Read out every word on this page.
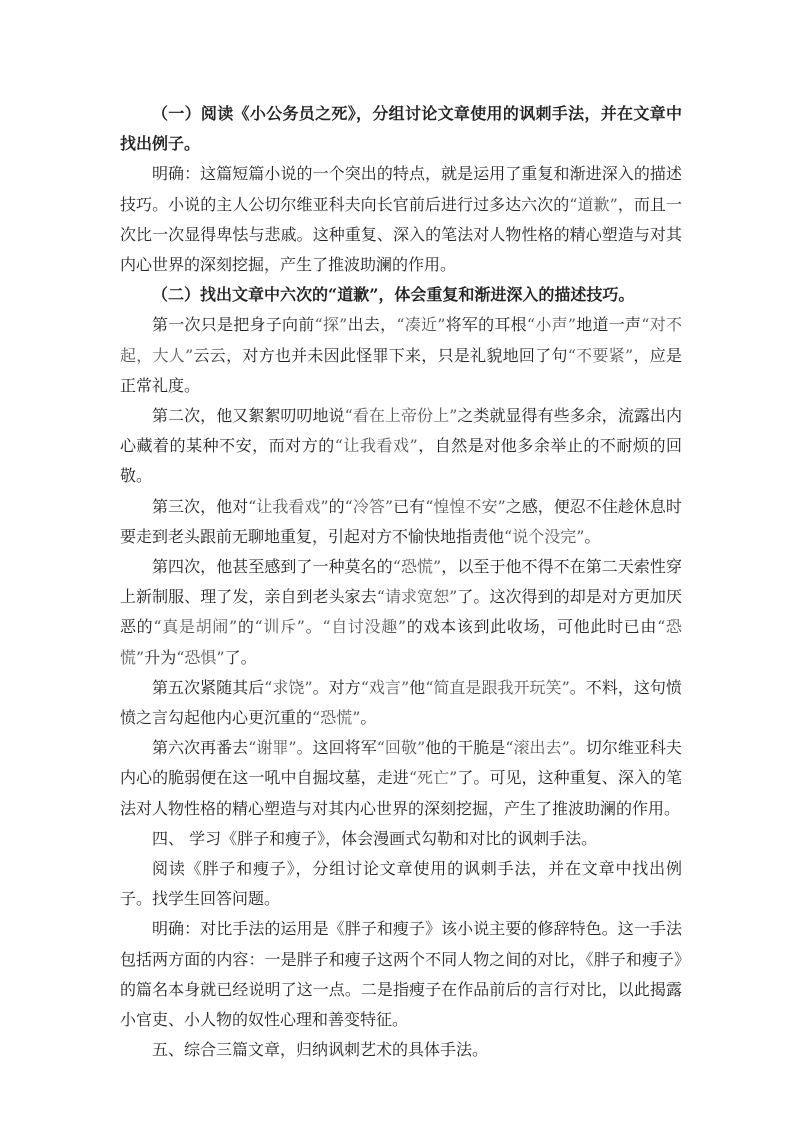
（一）阅读《小公务员之死》，分组讨论文章使用的讽刺手法，并在文章中找出例子。

明确：这篇短篇小说的一个突出的特点，就是运用了重复和渐进深入的描述技巧。小说的主人公切尔维亚科夫向长官前后进行过多达六次的“道歉”，而且一次比一次显得卑怯与悲戚。这种重复、深入的笔法对人物性格的精心塑造与对其内心世界的深刻挖掘，产生了推波助澜的作用。

（二）找出文章中六次的“道歉”，体会重复和渐进深入的描述技巧。

第一次只是把身子向前“探”出去，“凑近”将军的耳根“小声”地道一声“对不起，大人”云云，对方也并未因此怪罪下来，只是礼貌地回了句“不要紧”，应是正常礼度。

第二次，他又絮絮叨叨地说“看在上帝份上”之类就显得有些多余，流露出内心藏着的某种不安，而对方的“让我看戏”，自然是对他多余举止的不耐烦的回敬。

第三次，他对“让我看戏”的“冷答”已有“惶惶不安”之感，便忍不住趁休息时要走到老头跟前无聊地重复，引起对方不愉快地指责他“说个没完”。

第四次，他甚至感到了一种莫名的“恐慌”，以至于他不得不在第二天索性穿上新制服、理了发，亲自到老头家去“请求宽恕”了。这次得到的却是对方更加厌恶的“真是胡闹”的“训斥”。“自讨没趣”的戏本该到此收场，可他此时已由“恐慌”升为“恐惧”了。

第五次紧随其后“求饶”。对方“戏言”他“简直是跟我开玩笑”。不料，这句愤愤之言勾起他内心更沉重的“恐慌”。

第六次再番去“谢罪”。这回将军“回敬”他的干脆是“滚出去”。切尔维亚科夫内心的脆弱便在这一吼中自掘坟墓，走进“死亡”了。可见，这种重复、深入的笔法对人物性格的精心塑造与对其内心世界的深刻挖掘，产生了推波助澜的作用。

四、 学习《胖子和瘦子》，体会漫画式勾勒和对比的讽刺手法。

阅读《胖子和瘦子》，分组讨论文章使用的讽刺手法，并在文章中找出例子。找学生回答问题。

明确：对比手法的运用是《胖子和瘦子》该小说主要的修辞特色。这一手法包括两方面的内容：一是胖子和瘦子这两个不同人物之间的对比，《胖子和瘦子》的篇名本身就已经说明了这一点。二是指瘦子在作品前后的言行对比，以此揭露小官吏、小人物的奴性心理和善变特征。

五、综合三篇文章，归纳讽刺艺术的具体手法。
